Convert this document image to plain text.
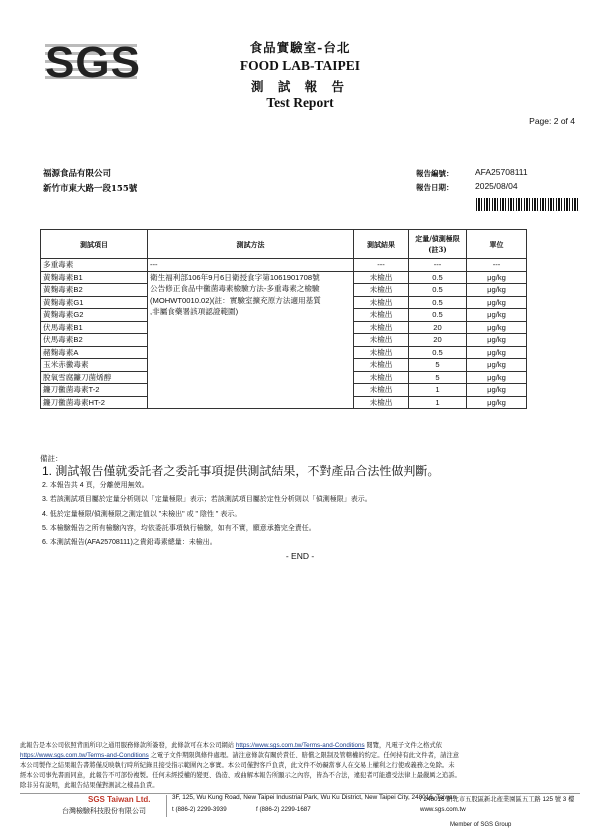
SGS	食品實驗室-台北
FOOD LAB-TAIPEI
測 試 報 告
Test Report
Page: 2 of 4
福源食品有限公司
新竹市東大路一段155號
報告編號：	AFA25708111
報告日期：	2025/08/04
測試項目	測試方法	測試結果	定量/偵測極限(註3)	單位
多重毒素	---	---	---	---
黃麴毒素B1	衛生福利部106年9月6日衛授食字第1061901708號
公告修正食品中黴菌毒素檢驗方法-多重毒素之檢驗
(MOHWT0010.02)(註：實驗室擴充原方法適用基質
,非屬食藥署該項認證範圍)	未檢出	0.5	μg/kg
黃麴毒素B2		未檢出	0.5	μg/kg
黃麴毒素G1		未檢出	0.5	μg/kg
黃麴毒素G2		未檢出	0.5	μg/kg
伏馬毒素B1		未檢出	20	μg/kg
伏馬毒素B2		未檢出	20	μg/kg
赭麴毒素A		未檢出	0.5	μg/kg
玉米赤黴毒素		未檢出	5	μg/kg
脫氧雪腐鐮刀菌烯醇		未檢出	5	μg/kg
鐮刀黴菌毒素T-2		未檢出	1	μg/kg
鐮刀黴菌毒素HT-2		未檢出	1	μg/kg
備註：
1. 測試報告僅就委託者之委託事項提供測試結果，不對產品合法性做判斷。
2. 本報告共 4 頁，分離使用無效。
3. 若該測試項目屬於定量分析則以「定量極限」表示；若該測試項目屬於定性分析則以「偵測極限」表示。
4. 低於定量極限/偵測極限之測定值以 "未檢出" 或 " 陰性 " 表示。
5. 本檢驗報告之所有檢驗內容，均依委託事項執行檢驗，如有不實，願意承擔完全責任。
6. 本測試報告(AFA25708111)之貴鉛毒素總量：未檢出。
- END -
此報告是本公司依照背面所印之通用服務條款所簽發，此條款可在本公司網站 https://www.sgs.com.tw/Terms-and-Conditions 閱覽，凡電子文件之格式依
https://www.sgs.com.tw/Terms-and-Conditions 之電子文件期限與條件處理。請注意條款有關於責任、賠償之限制及管轄權的約定。任何持有此文件者，請注意
本公司製作之結果報告書將僅反映執行時所紀錄且接受指示範圍內之事實。本公司僅對客戶負責，此文件不妨礙當事人在交易上權利之行使或義務之免除。未
經本公司事先書面同意，此報告不可部份複製。任何未經授權的變更、偽造、或曲解本報告所顯示之內容，皆為不合法，違犯者可能遭受法律上最嚴厲之追訴。
除非另有說明，此報告結果僅對測試之樣品負責。
SGS Taiwan Ltd.
台灣檢驗科技股份有限公司
3F, 125, Wu Kung Road, New Taipei Industrial Park, Wu Ku District, New Taipei City, 248016, Taiwan
t (886-2) 2299-3939	f (886-2) 2299-1687
/ 248016 新北市五股區新北產業園區五工路 125 號 3 樓
www.sgs.com.tw
Member of SGS Group
